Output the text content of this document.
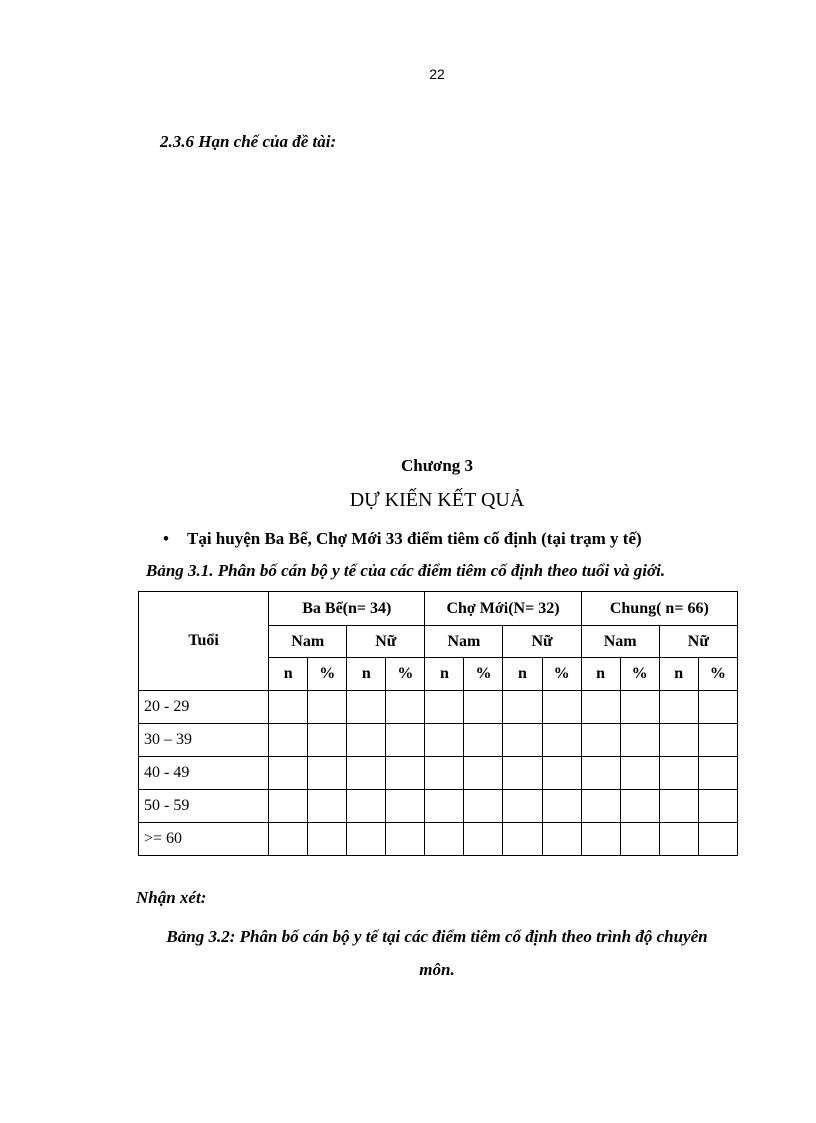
22
2.3.6 Hạn chế của đề tài:
Chương 3
DỰ KIẾN KẾT QUẢ
• Tại huyện Ba Bể, Chợ Mới 33 điểm tiêm cố định (tại trạm y tế)
Bảng 3.1. Phân bố cán bộ y tế của các điểm tiêm cố định theo tuổi và giới.
Tuổi	Ba Bể(n= 34)				Chợ Mới(N= 32)				Chung( n= 66)			
	Nam		Nữ		Nam		Nữ		Nam		Nữ	
	n	%	n	%	n	%	n	%	n	%	n	%
20 - 29												
30 – 39												
40 - 49												
50 - 59												
>= 60												
Nhận xét:
Bảng 3.2: Phân bố cán bộ y tế tại các điểm tiêm cố định theo trình độ chuyên môn.
